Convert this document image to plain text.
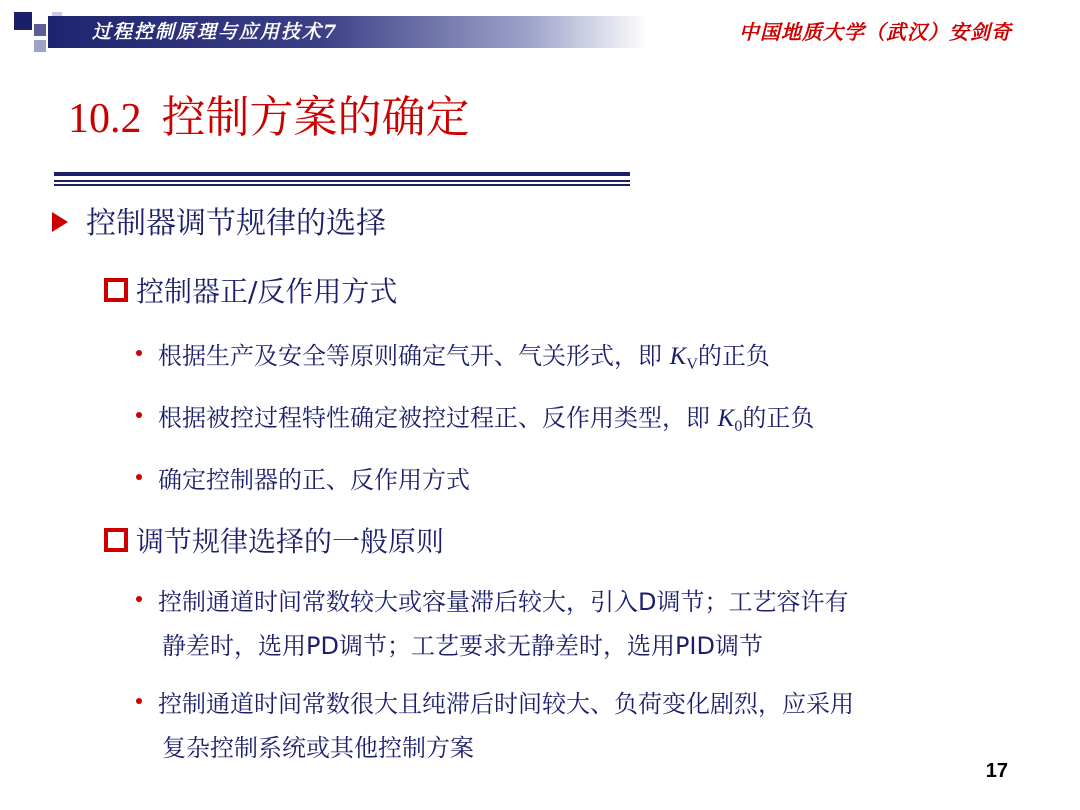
过程控制原理与应用技术7	中国地质大学（武汉）安剑奇
10.2 控制方案的确定
控制器调节规律的选择
控制器正/反作用方式
根据生产及安全等原则确定气开、气关形式，即 $K_V$的正负
根据被控过程特性确定被控过程正、反作用类型，即 $K_0$的正负
确定控制器的正、反作用方式
调节规律选择的一般原则
控制通道时间常数较大或容量滞后较大，引入D调节；工艺容许有
静差时，选用PD调节；工艺要求无静差时，选用PID调节
控制通道时间常数很大且纯滞后时间较大、负荷变化剧烈，应采用
复杂控制系统或其他控制方案
17
